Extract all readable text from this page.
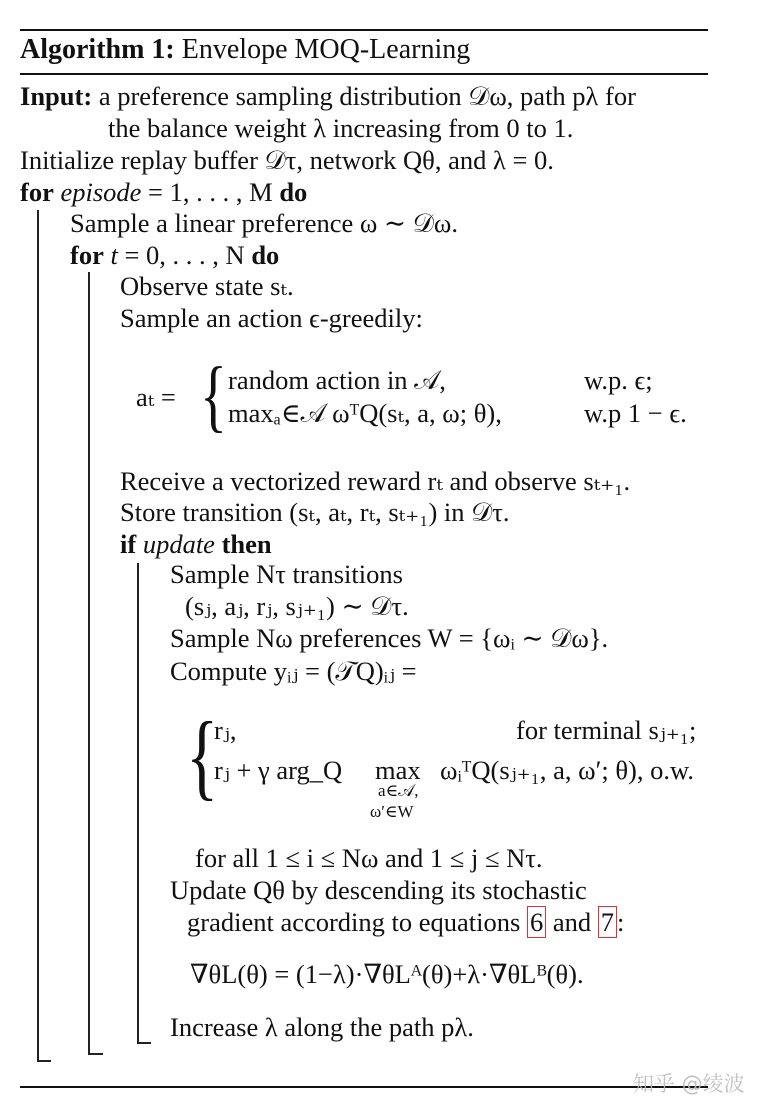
Algorithm 1: Envelope MOQ-Learning
Input: a preference sampling distribution 𝒟ω, path pλ for
the balance weight λ increasing from 0 to 1.
Initialize replay buffer 𝒟τ, network Qθ, and λ = 0.
for episode = 1, . . . , M do
Sample a linear preference ω ∼ 𝒟ω.
for t = 0, . . . , N do
Observe state sₜ.
Sample an action ϵ-greedily:
aₜ = { random action in 𝒜,	w.p. ϵ;
maxₐ∈𝒜 ωᵀQ(sₜ, a, ω; θ),	w.p 1 − ϵ.
Receive a vectorized reward rₜ and observe sₜ₊₁.
Store transition (sₜ, aₜ, rₜ, sₜ₊₁) in 𝒟τ.
if update then
Sample Nτ transitions
(sⱼ, aⱼ, rⱼ, sⱼ₊₁) ∼ 𝒟τ.
Sample Nω preferences W = {ωᵢ ∼ 𝒟ω}.
Compute yᵢⱼ = (𝒯Q)ᵢⱼ =
{
rⱼ,	for terminal sⱼ₊₁;
rⱼ + γ arg_Q max
a∈𝒜,
ω′∈W
ωᵢᵀQ(sⱼ₊₁, a, ω′; θ), o.w.
for all 1 ≤ i ≤ Nω and 1 ≤ j ≤ Nτ.
Update Qθ by descending its stochastic
gradient according to equations 6 and 7 :
∇θL(θ) = (1−λ)·∇θLᴬ(θ)+λ·∇θLᴮ(θ).
Increase λ along the path pλ.
知乎 @绫波
